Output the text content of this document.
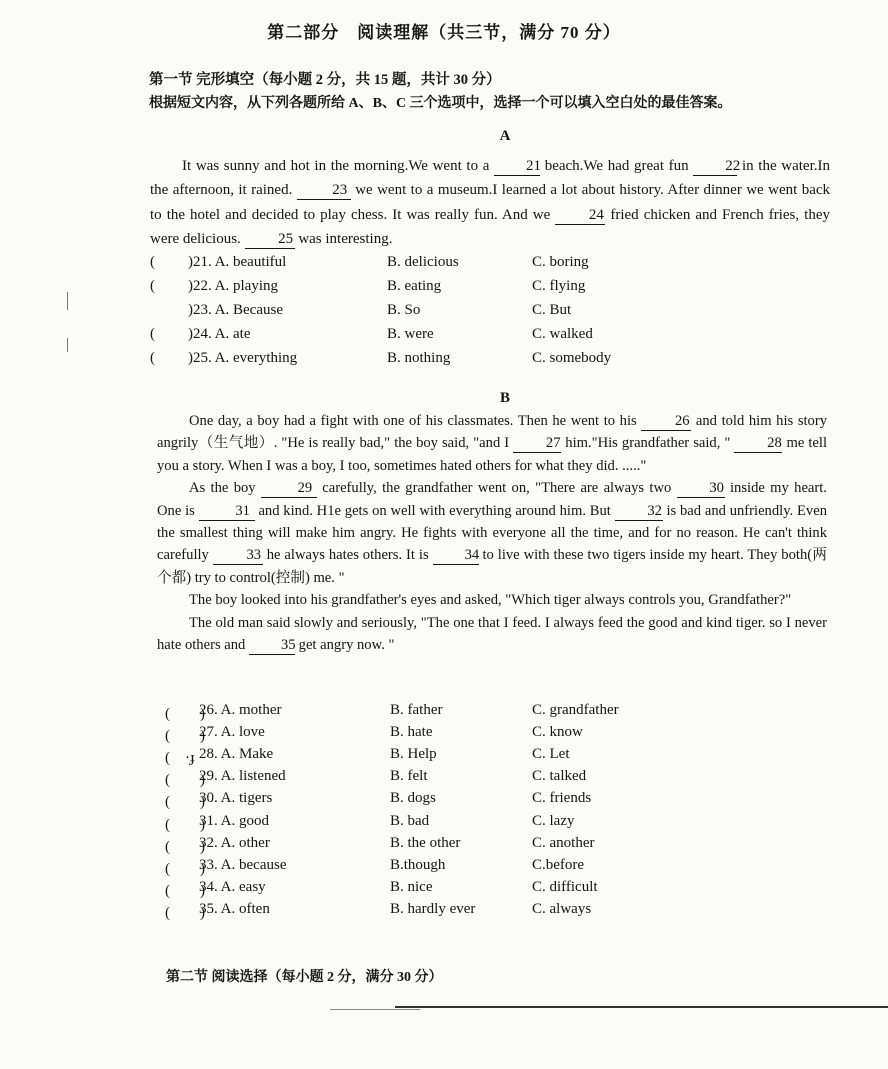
第二部分　阅读理解（共三节，满分 70 分）
第一节 完形填空（每小题 2 分，共 15 题，共计 30 分）
根据短文内容，从下列各题所给 A、B、C 三个选项中，选择一个可以填入空白处的最佳答案。
A

It was sunny and hot in the morning.We went to a 21 beach.We had great fun 22 in the water.In the afternoon, it rained.	23 we went to a museum.I learned a lot about history. After dinner we went back to the hotel and decided to play chess. It was really fun. And we	24 fried chicken and French fries, they were delicious. 25 was interesting.

( )21. A. beautiful	B. delicious	C. boring
( )22. A. playing	B. eating	C. flying
)23. A. Because	B. So	C. But
( )24. A. ate	B. were	C. walked
( )25. A. everything	B. nothing	C. somebody
B

One day, a boy had a fight with one of his classmates. Then he went to his	26 and told him his story angrily（生气地）. "He is really bad," the boy said, "and I	27 him."His grandfather said, "	28 me tell you a story. When I was a boy, I too, sometimes hated others for what they did. ....."

As the boy	29 carefully, the grandfather went on, "There are always two	30 inside my heart. One is	31 and kind. H1e gets on well with everything around him. But	32 is bad and unfriendly. Even the smallest thing will make him angry. He fights with everyone all the time, and for no reason. He can't think carefully	33 he always hates others. It is 34 to live with these two tigers inside my heart. They both(两个都) try to control(控制) me. "

The boy looked into his grandfather's eyes and asked, "Which tiger always controls you, Grandfather?"

The old man said slowly and seriously, "The one that I feed. I always feed the good and kind tiger. so I never hate others and 35 get angry now. "

(　　)
26. A. mother	B. father	C. grandfather
(　　)
27. A. love	B. hate	C. know
(　·ɟ 28. A. Make	B. Help	C. Let
(　　)
29. A. listened	B. felt	C. talked
(　　)
30. A. tigers	B. dogs	C. friends
(　　)
31. A. good	B. bad	C. lazy
(　　)
32. A. other	B. the other	C. another
(　　)
33. A. because	B.though	C.before
(　　)
34. A. easy	B. nice	C. difficult
(　　)
35. A. often	B. hardly ever	C. always
第二节 阅读选择（每小题 2 分，满分 30 分）
